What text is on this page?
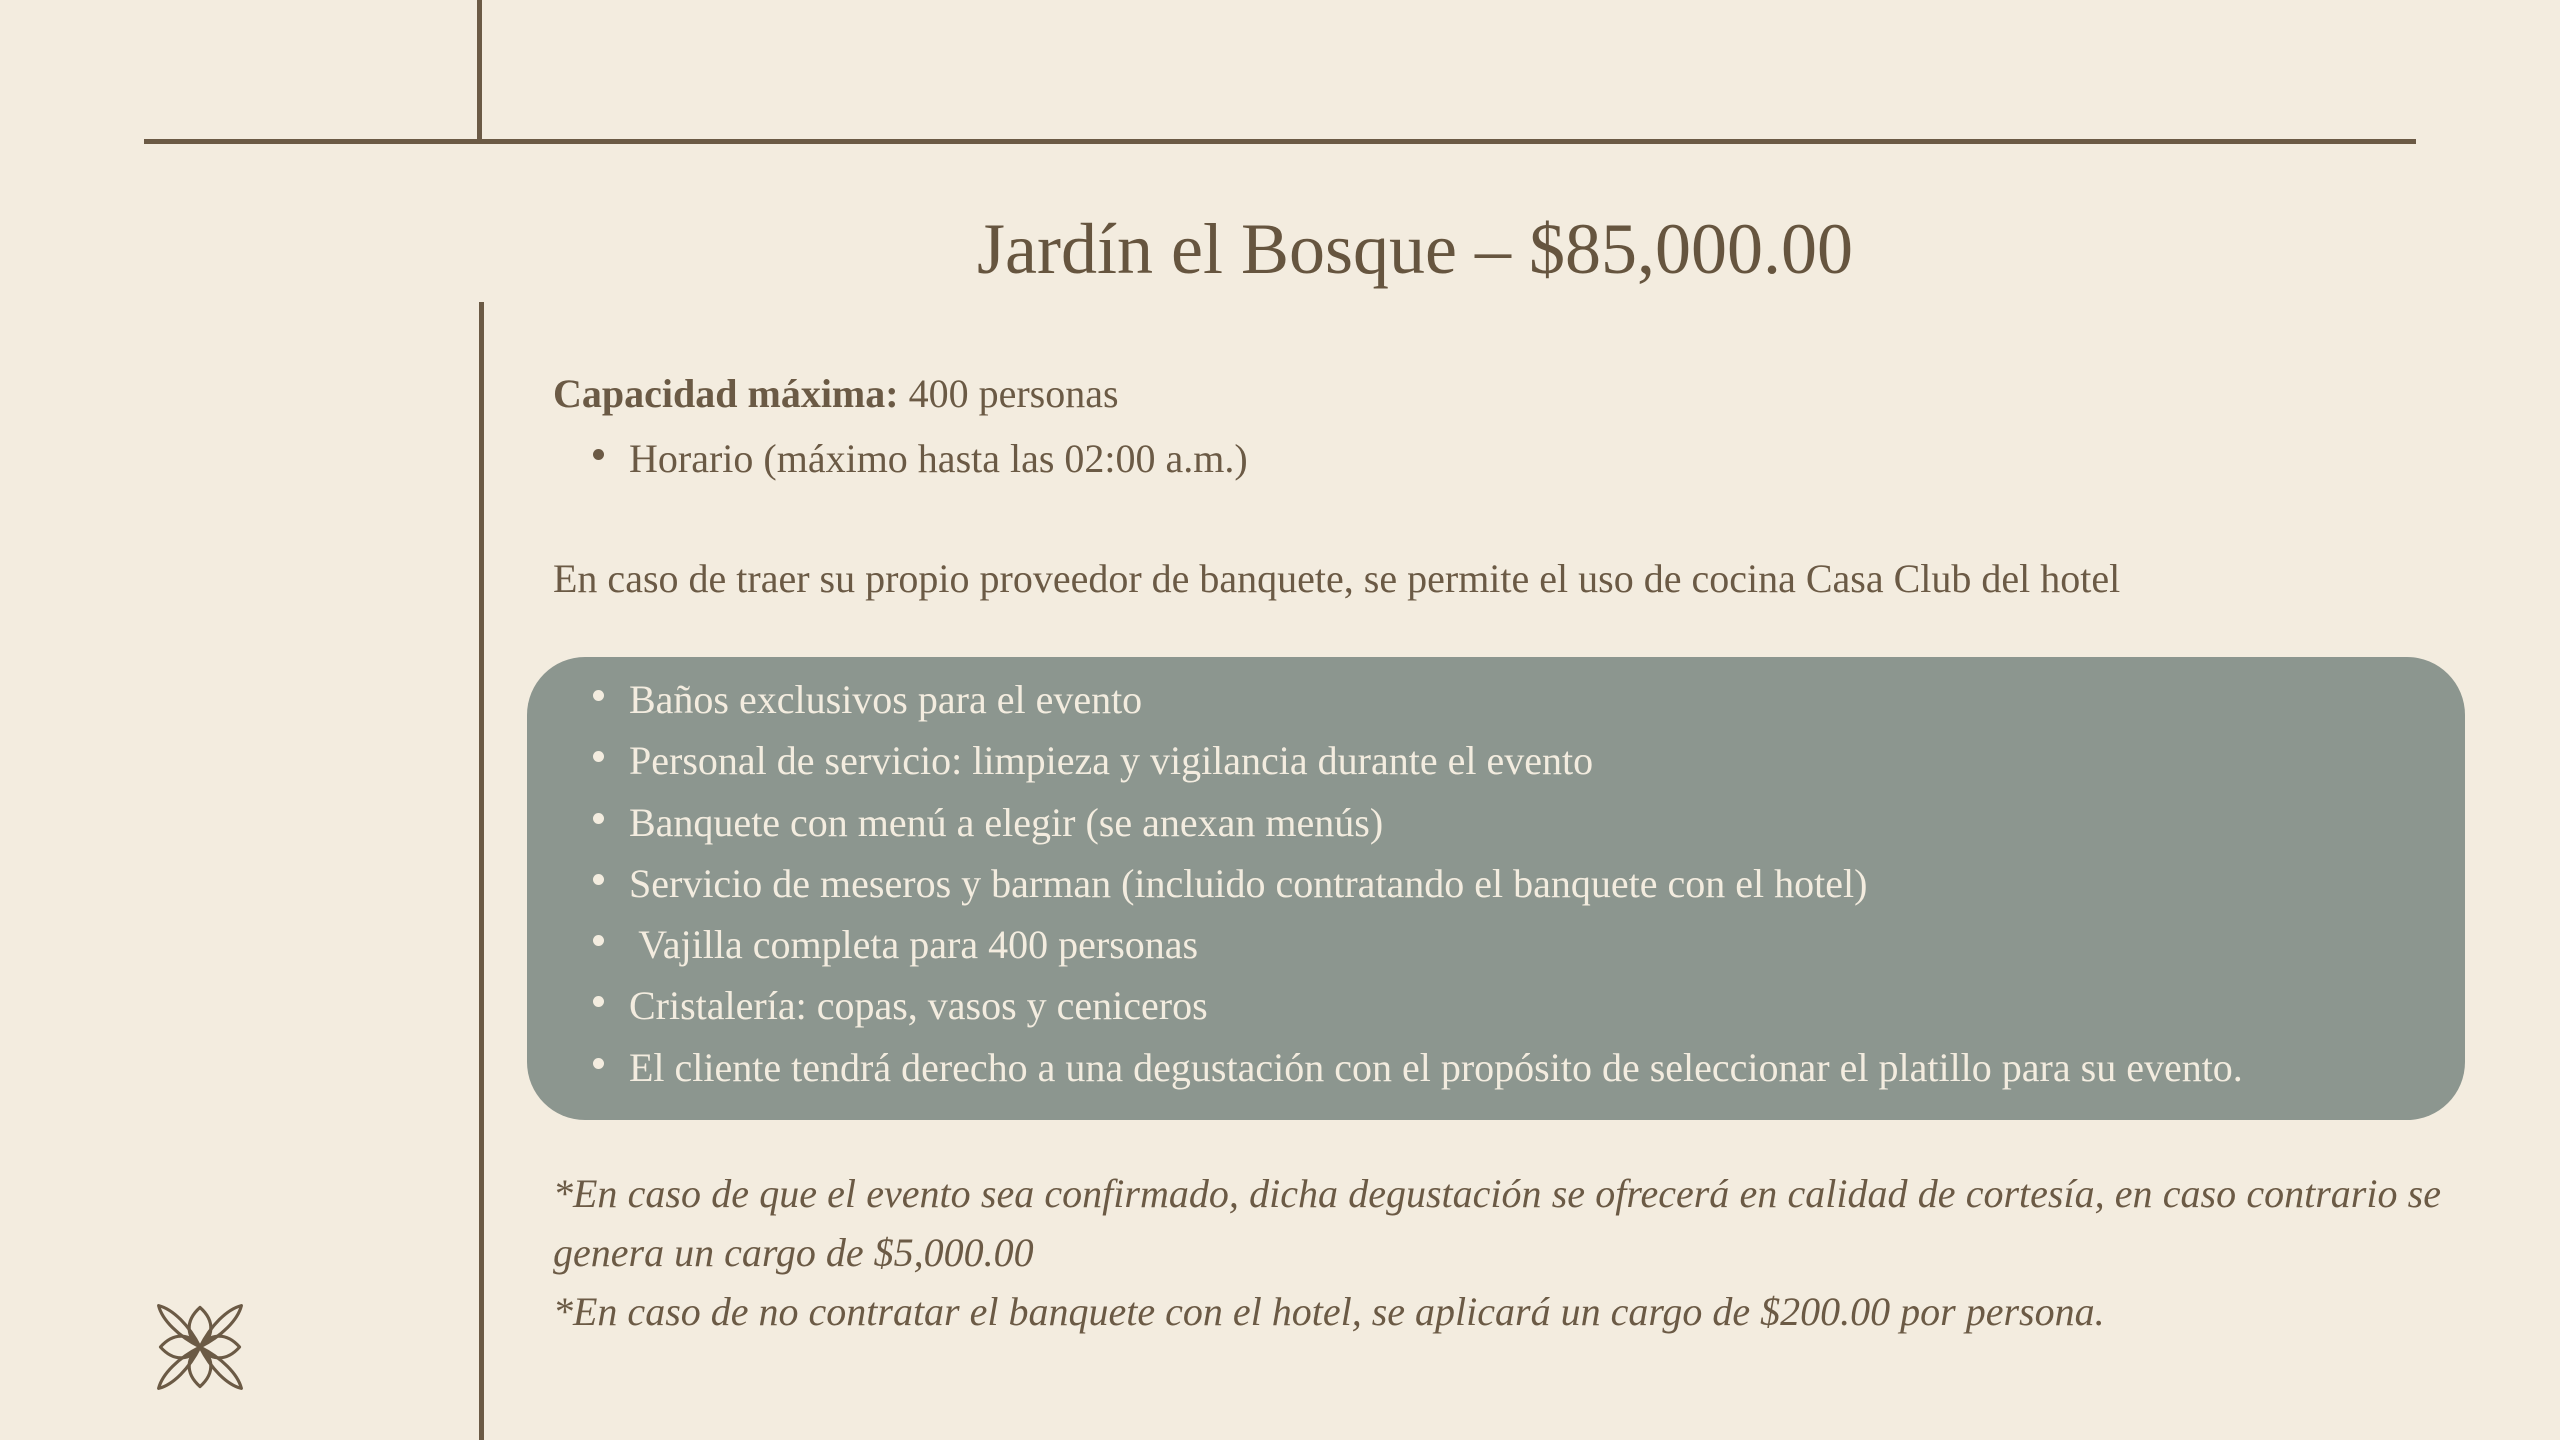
Jardín el Bosque – $85,000.00
Capacidad máxima: 400 personas
Horario (máximo hasta las 02:00 a.m.)
En caso de traer su propio proveedor de banquete, se permite el uso de cocina Casa Club del hotel
Baños exclusivos para el evento
Personal de servicio: limpieza y vigilancia durante el evento
Banquete con menú a elegir (se anexan menús)
Servicio de meseros y barman (incluido contratando el banquete con el hotel)
Vajilla completa para 400 personas
Cristalería: copas, vasos y ceniceros
El cliente tendrá derecho a una degustación con el propósito de seleccionar el platillo para su evento.

*En caso de que el evento sea confirmado, dicha degustación se ofrecerá en calidad de cortesía, en caso contrario se genera un cargo de $5,000.00

*En caso de no contratar el banquete con el hotel, se aplicará un cargo de $200.00 por persona.
